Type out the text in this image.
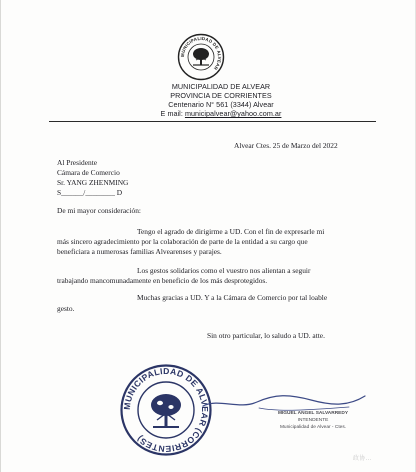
MUNICIPALIDAD DE ALVEAR
MUNICIPALIDAD DE ALVEAR
PROVINCIA DE CORRIENTES
Centenario N° 561 (3344) Alvear
E mail: municipalvear@yahoo.com.ar
Alvear Ctes. 25 de Marzo del 2022
Al Presidente
Cámara de Comercio
Sr. YANG ZHENMING
S______/________ D
De mi mayor consideración:
Tengo el agrado de dirigirme a UD. Con el fin de expresarle mi
más sincero agradecimiento por la colaboración de parte de la entidad a su cargo que
beneficiara a numerosas familias Alvearenses y parajes.
Los gestos solidarios como el vuestro nos alientan a seguir
trabajando mancomunadamente en beneficio de los más desprotegidos.
Muchas gracias a UD. Y a la Cámara de Comercio por tal loable
gesto.
Sin otro particular, lo saludo a UD. atte.
MUNICIPALIDAD DE ALVEAR (CORRIENTES)
MIGUEL ANGEL SALVARREDY
INTENDENTE
Municipalidad de Alvear - Ctes.
政协...
